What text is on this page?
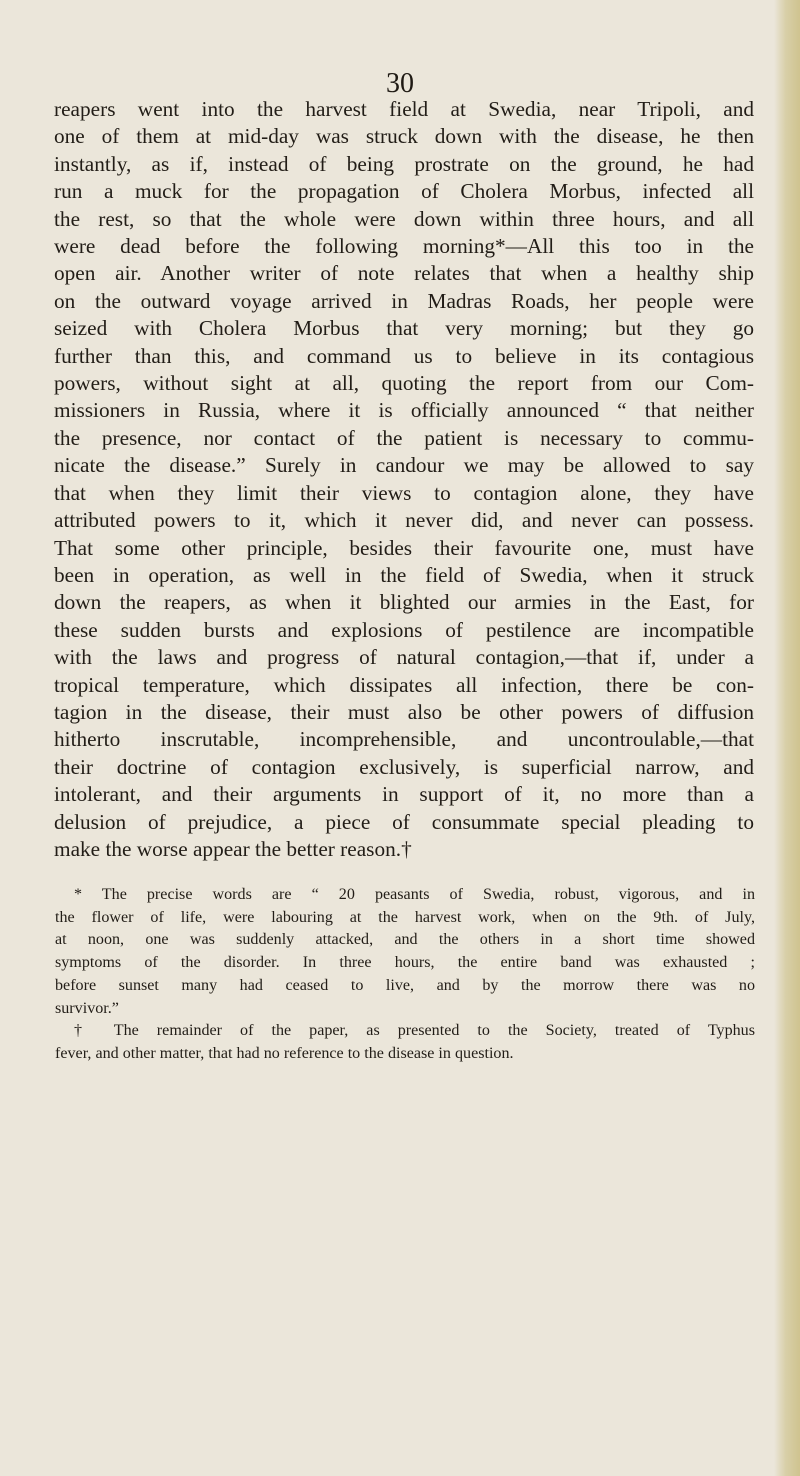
30
reapers went into the harvest field at Swedia, near Tripoli, and
one of them at mid-day was struck down with the disease, he then
instantly, as if, instead of being prostrate on the ground, he had
run a muck for the propagation of Cholera Morbus, infected all
the rest, so that the whole were down within three hours, and all
were dead before the following morning*—All this too in the
open air. Another writer of note relates that when a healthy ship
on the outward voyage arrived in Madras Roads, her people were
seized with Cholera Morbus that very morning; but they go
further than this, and command us to believe in its contagious
powers, without sight at all, quoting the report from our Com-
missioners in Russia, where it is officially announced “ that neither
the presence, nor contact of the patient is necessary to commu-
nicate the disease.” Surely in candour we may be allowed to say
that when they limit their views to contagion alone, they have
attributed powers to it, which it never did, and never can possess.
That some other principle, besides their favourite one, must have
been in operation, as well in the field of Swedia, when it struck
down the reapers, as when it blighted our armies in the East, for
these sudden bursts and explosions of pestilence are incompatible
with the laws and progress of natural contagion,—that if, under a
tropical temperature, which dissipates all infection, there be con-
tagion in the disease, their must also be other powers of diffusion
hitherto inscrutable, incomprehensible, and uncontroulable,—that
their doctrine of contagion exclusively, is superficial narrow, and
intolerant, and their arguments in support of it, no more than a
delusion of prejudice, a piece of consummate special pleading to
make the worse appear the better reason.†
* The precise words are “ 20 peasants of Swedia, robust, vigorous, and in
the flower of life, were labouring at the harvest work, when on the 9th. of July,
at noon, one was suddenly attacked, and the others in a short time showed
symptoms of the disorder. In three hours, the entire band was exhausted ;
before sunset many had ceased to live, and by the morrow there was no
survivor.”
† The remainder of the paper, as presented to the Society, treated of Typhus
fever, and other matter, that had no reference to the disease in question.
